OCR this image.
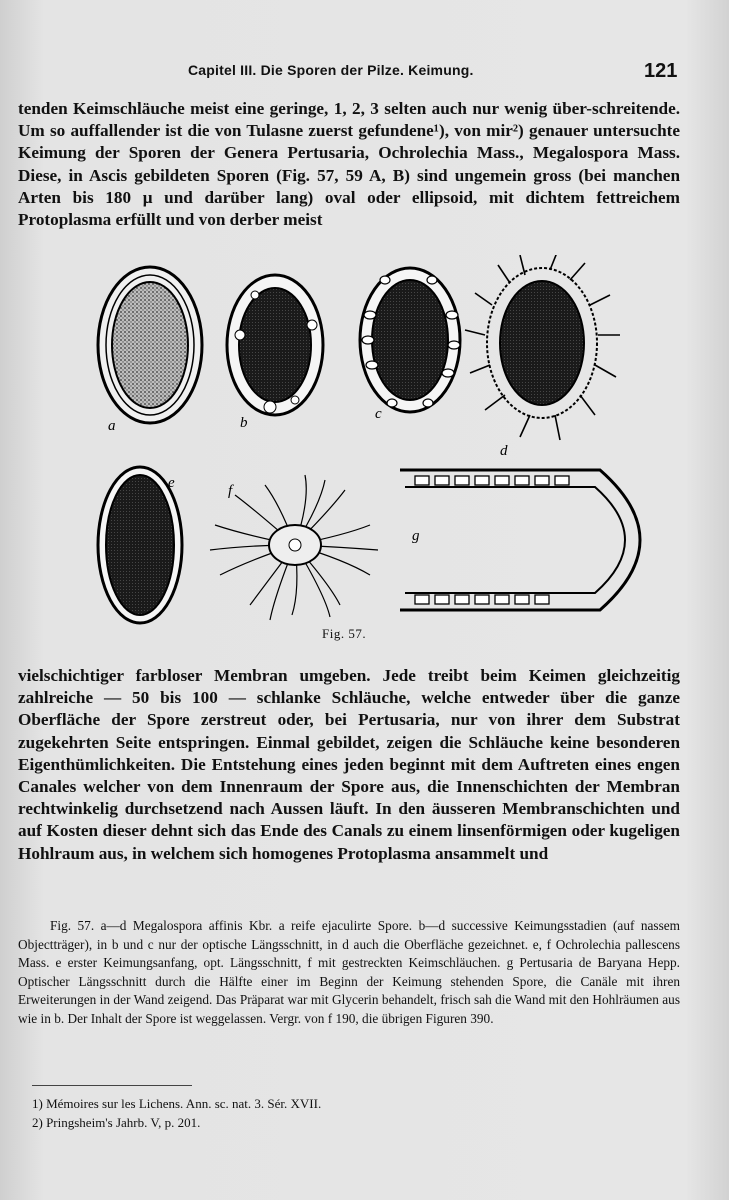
Capitel III. Die Sporen der Pilze. Keimung.	121

tenden Keimschläuche meist eine geringe, 1, 2, 3 selten auch nur wenig über-schreitende. Um so auffallender ist die von Tulasne zuerst gefundene¹), von mir²) genauer untersuchte Keimung der Sporen der Genera Pertusaria, Ochrolechia Mass., Megalospora Mass. Diese, in Ascis gebildeten Sporen (Fig. 57, 59 A, B) sind ungemein gross (bei manchen Arten bis 180 μ und darüber lang) oval oder ellipsoid, mit dichtem fettreichem Protoplasma erfüllt und von derber meist

a	b
c
d
e	f
g
Fig. 57.

vielschichtiger farbloser Membran umgeben. Jede treibt beim Keimen gleichzeitig zahlreiche — 50 bis 100 — schlanke Schläuche, welche entweder über die ganze Oberfläche der Spore zerstreut oder, bei Pertusaria, nur von ihrer dem Substrat zugekehrten Seite entspringen. Einmal gebildet, zeigen die Schläuche keine besonderen Eigenthümlichkeiten. Die Entstehung eines jeden beginnt mit dem Auftreten eines engen Canales welcher von dem Innenraum der Spore aus, die Innenschichten der Membran rechtwinkelig durchsetzend nach Aussen läuft. In den äusseren Membranschichten und auf Kosten dieser dehnt sich das Ende des Canals zu einem linsenförmigen oder kugeligen Hohlraum aus, in welchem sich homogenes Protoplasma ansammelt und

Fig. 57. a—d Megalospora affinis Kbr. a reife ejaculirte Spore. b—d successive Keimungsstadien (auf nassem Objectträger), in b und c nur der optische Längsschnitt, in d auch die Oberfläche gezeichnet. e, f Ochrolechia pallescens Mass. e erster Keimungsanfang, opt. Längsschnitt, f mit gestreckten Keimschläuchen. g Pertusaria de Baryana Hepp. Optischer Längsschnitt durch die Hälfte einer im Beginn der Keimung stehenden Spore, die Canäle mit ihren Erweiterungen in der Wand zeigend. Das Präparat war mit Glycerin behandelt, frisch sah die Wand mit den Hohlräumen aus wie in b. Der Inhalt der Spore ist weggelassen. Vergr. von f 190, die übrigen Figuren 390.

1) Mémoires sur les Lichens. Ann. sc. nat. 3. Sér. XVII.
2) Pringsheim's Jahrb. V, p. 201.
